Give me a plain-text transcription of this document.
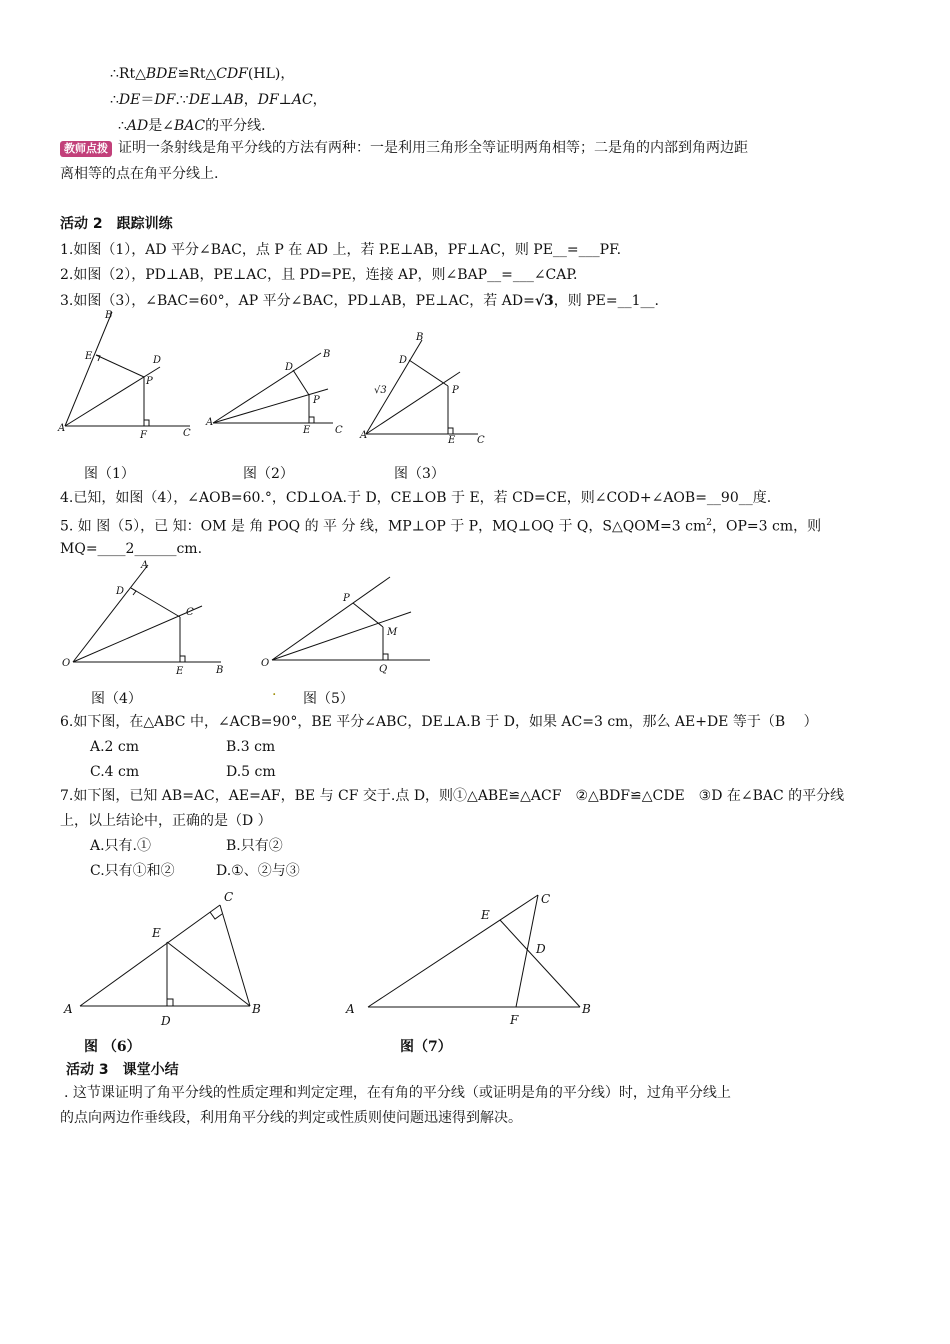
∴Rt△BDE≌Rt△CDF(HL)，
∴DE＝DF.∵DE⊥AB，DF⊥AC，
∴AD是∠BAC的平分线.
教师点拨 证明一条射线是角平分线的方法有两种：一是利用三角形全等证明两角相等；二是角的内部到角两边距
离相等的点在角平分线上.
活动 2　跟踪训练
1.如图（1），AD 平分∠BAC，点 P 在 AD 上，若 P.E⊥AB，PF⊥AC，则 PE__=___PF.
2.如图（2），PD⊥AB，PE⊥AC，且 PD=PE，连接 AP，则∠BAP__=___∠CAP.
3.如图（3），∠BAC=60°，AP 平分∠BAC，PD⊥AB，PE⊥AC，若 AD=√3，则 PE=__1__.
B
E	D
P
A
F	C
B
D
P
A
E C
B
D
√3	P
A	E C
图（1）	图（2）	图（3）
4.已知，如图（4），∠AOB=60.°，CD⊥OA.于 D，CE⊥OB 于 E，若 CD=CE，则∠COD+∠AOB=__90__度.
5. 如 图（5），已 知：OM 是 角 POQ 的 平 分 线，MP⊥OP 于 P，MQ⊥OQ 于 Q，S△QOM=3 $cm^2$，OP=3 cm，则
MQ=____2______cm.
A
D
C
O
E	B
P
M
O
Q
图（4）	. 图（5）
6.如下图，在△ABC 中，∠ACB=90°，BE 平分∠ABC，DE⊥A.B 于 D，如果 AC=3 cm，那么 AE+DE 等于（B　 ）
A.2 cm	B.3 cm
C.4 cm	D.5 cm
7.如下图，已知 AB=AC，AE=AF，BE 与 CF 交于.点 D，则①△ABE≌△ACF　②△BDF≌△CDE　③D 在∠BAC 的平分线
上，以上结论中，正确的是（D ）
A.只有.①	B.只有②
C.只有①和②	D.①、②与③
C
E
A
D
B
C
E
D
A
F
B
图 （6）	图（7）
活动 3　课堂小结
. 这节课证明了角平分线的性质定理和判定定理，在有角的平分线（或证明是角的平分线）时，过角平分线上
的点向两边作垂线段，利用角平分线的判定或性质则使问题迅速得到解决。
